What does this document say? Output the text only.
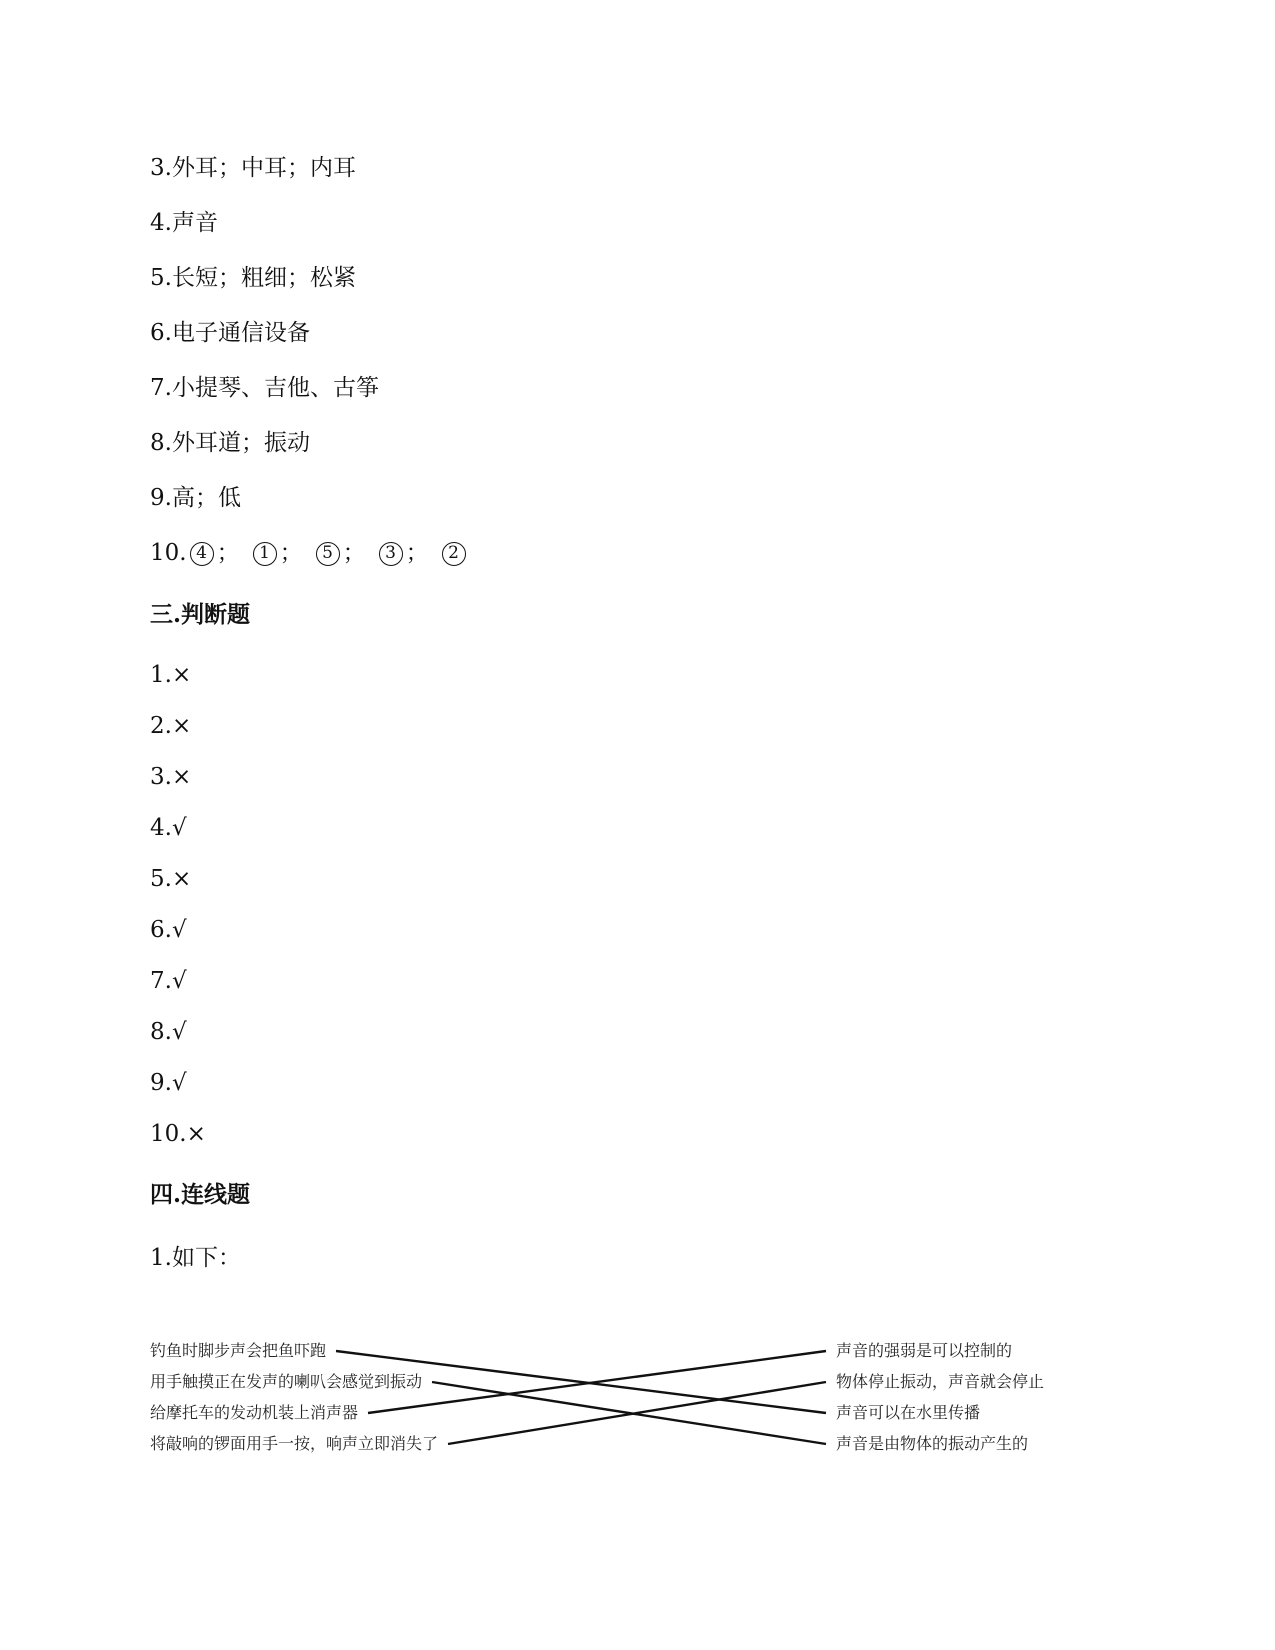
3.外耳；中耳；内耳
4.声音
5.长短；粗细；松紧
6.电子通信设备
7.小提琴、吉他、古筝
8.外耳道；振动
9.高；低
10. 4 ； 1 ； 5 ； 3 ； 2
三.判断题
1.×
2.×
3.×
4.√
5.×
6.√
7.√
8.√
9.√
10.×
四.连线题
1.如下：
钓鱼时脚步声会把鱼吓跑
用手触摸正在发声的喇叭会感觉到振动
给摩托车的发动机装上消声器
将敲响的锣面用手一按，响声立即消失了
声音的强弱是可以控制的
物体停止振动，声音就会停止
声音可以在水里传播
声音是由物体的振动产生的
